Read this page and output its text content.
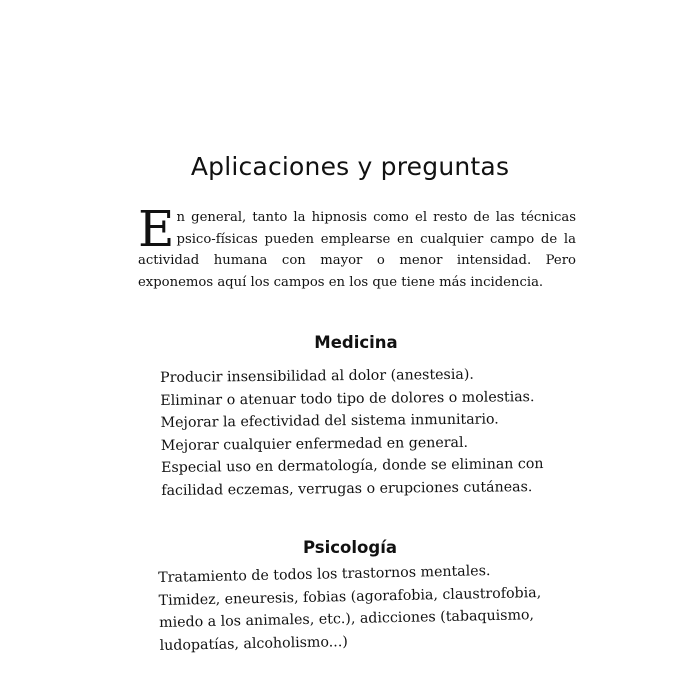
Aplicaciones y preguntas

En general, tanto la hipnosis como el resto de las técnicas psico-físicas pueden emplearse en cualquier campo de la actividad humana con mayor o menor intensidad. Pero exponemos aquí los campos en los que tiene más incidencia.

Medicina
Producir insensibilidad al dolor (anestesia).
Eliminar o atenuar todo tipo de dolores o molestias.
Mejorar la efectividad del sistema inmunitario.
Mejorar cualquier enfermedad en general.
Especial uso en dermatología, donde se eliminan con facilidad eczemas, verrugas o erupciones cutáneas.
Psicología
Tratamiento de todos los trastornos mentales.
Timidez, eneuresis, fobias (agorafobia, claustrofobia, miedo a los animales, etc.), adicciones (tabaquismo, ludopatías, alcoholismo...)
